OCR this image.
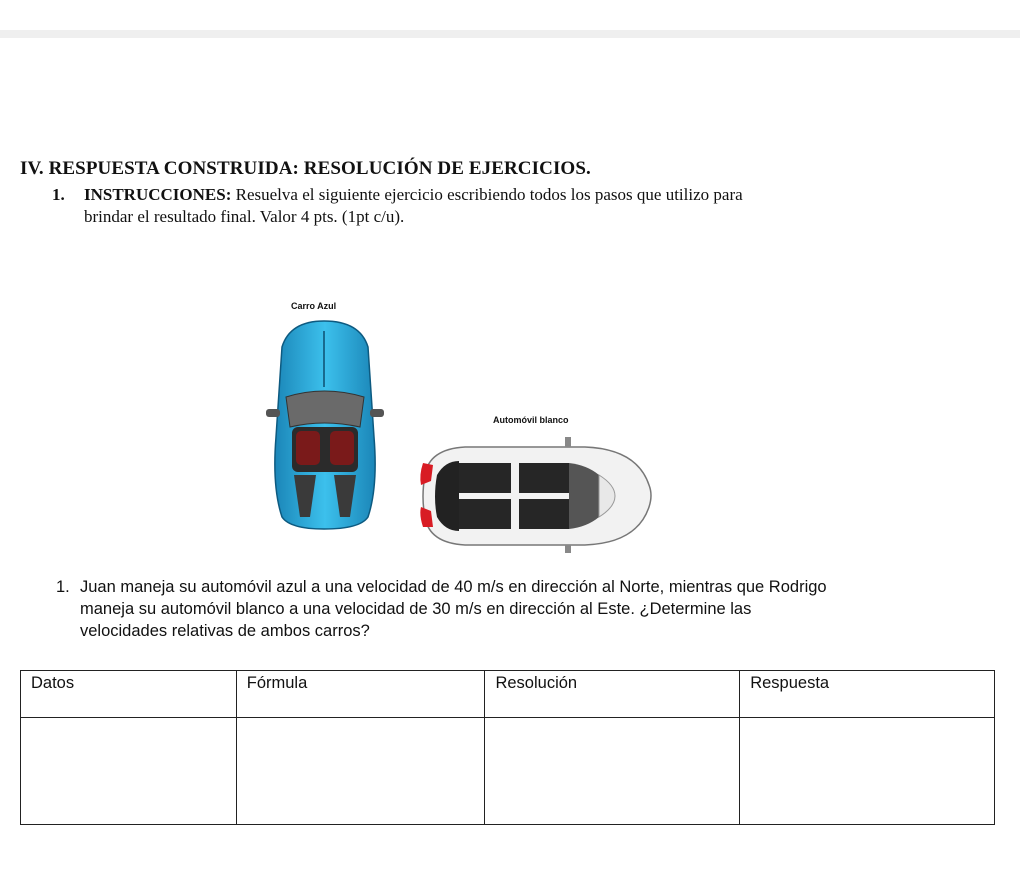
IV. RESPUESTA CONSTRUIDA: RESOLUCIÓN DE EJERCICIOS.
1. INSTRUCCIONES: Resuelva el siguiente ejercicio escribiendo todos los pasos que utilizo para
brindar el resultado final. Valor 4 pts. (1pt c/u).
Carro Azul
Automóvil blanco
1. Juan maneja su automóvil azul a una velocidad de 40 m/s en dirección al Norte, mientras que Rodrigo
maneja su automóvil blanco a una velocidad de 30 m/s en dirección al Este. ¿Determine las
velocidades relativas de ambos carros?
Datos	Fórmula	Resolución	Respuesta
